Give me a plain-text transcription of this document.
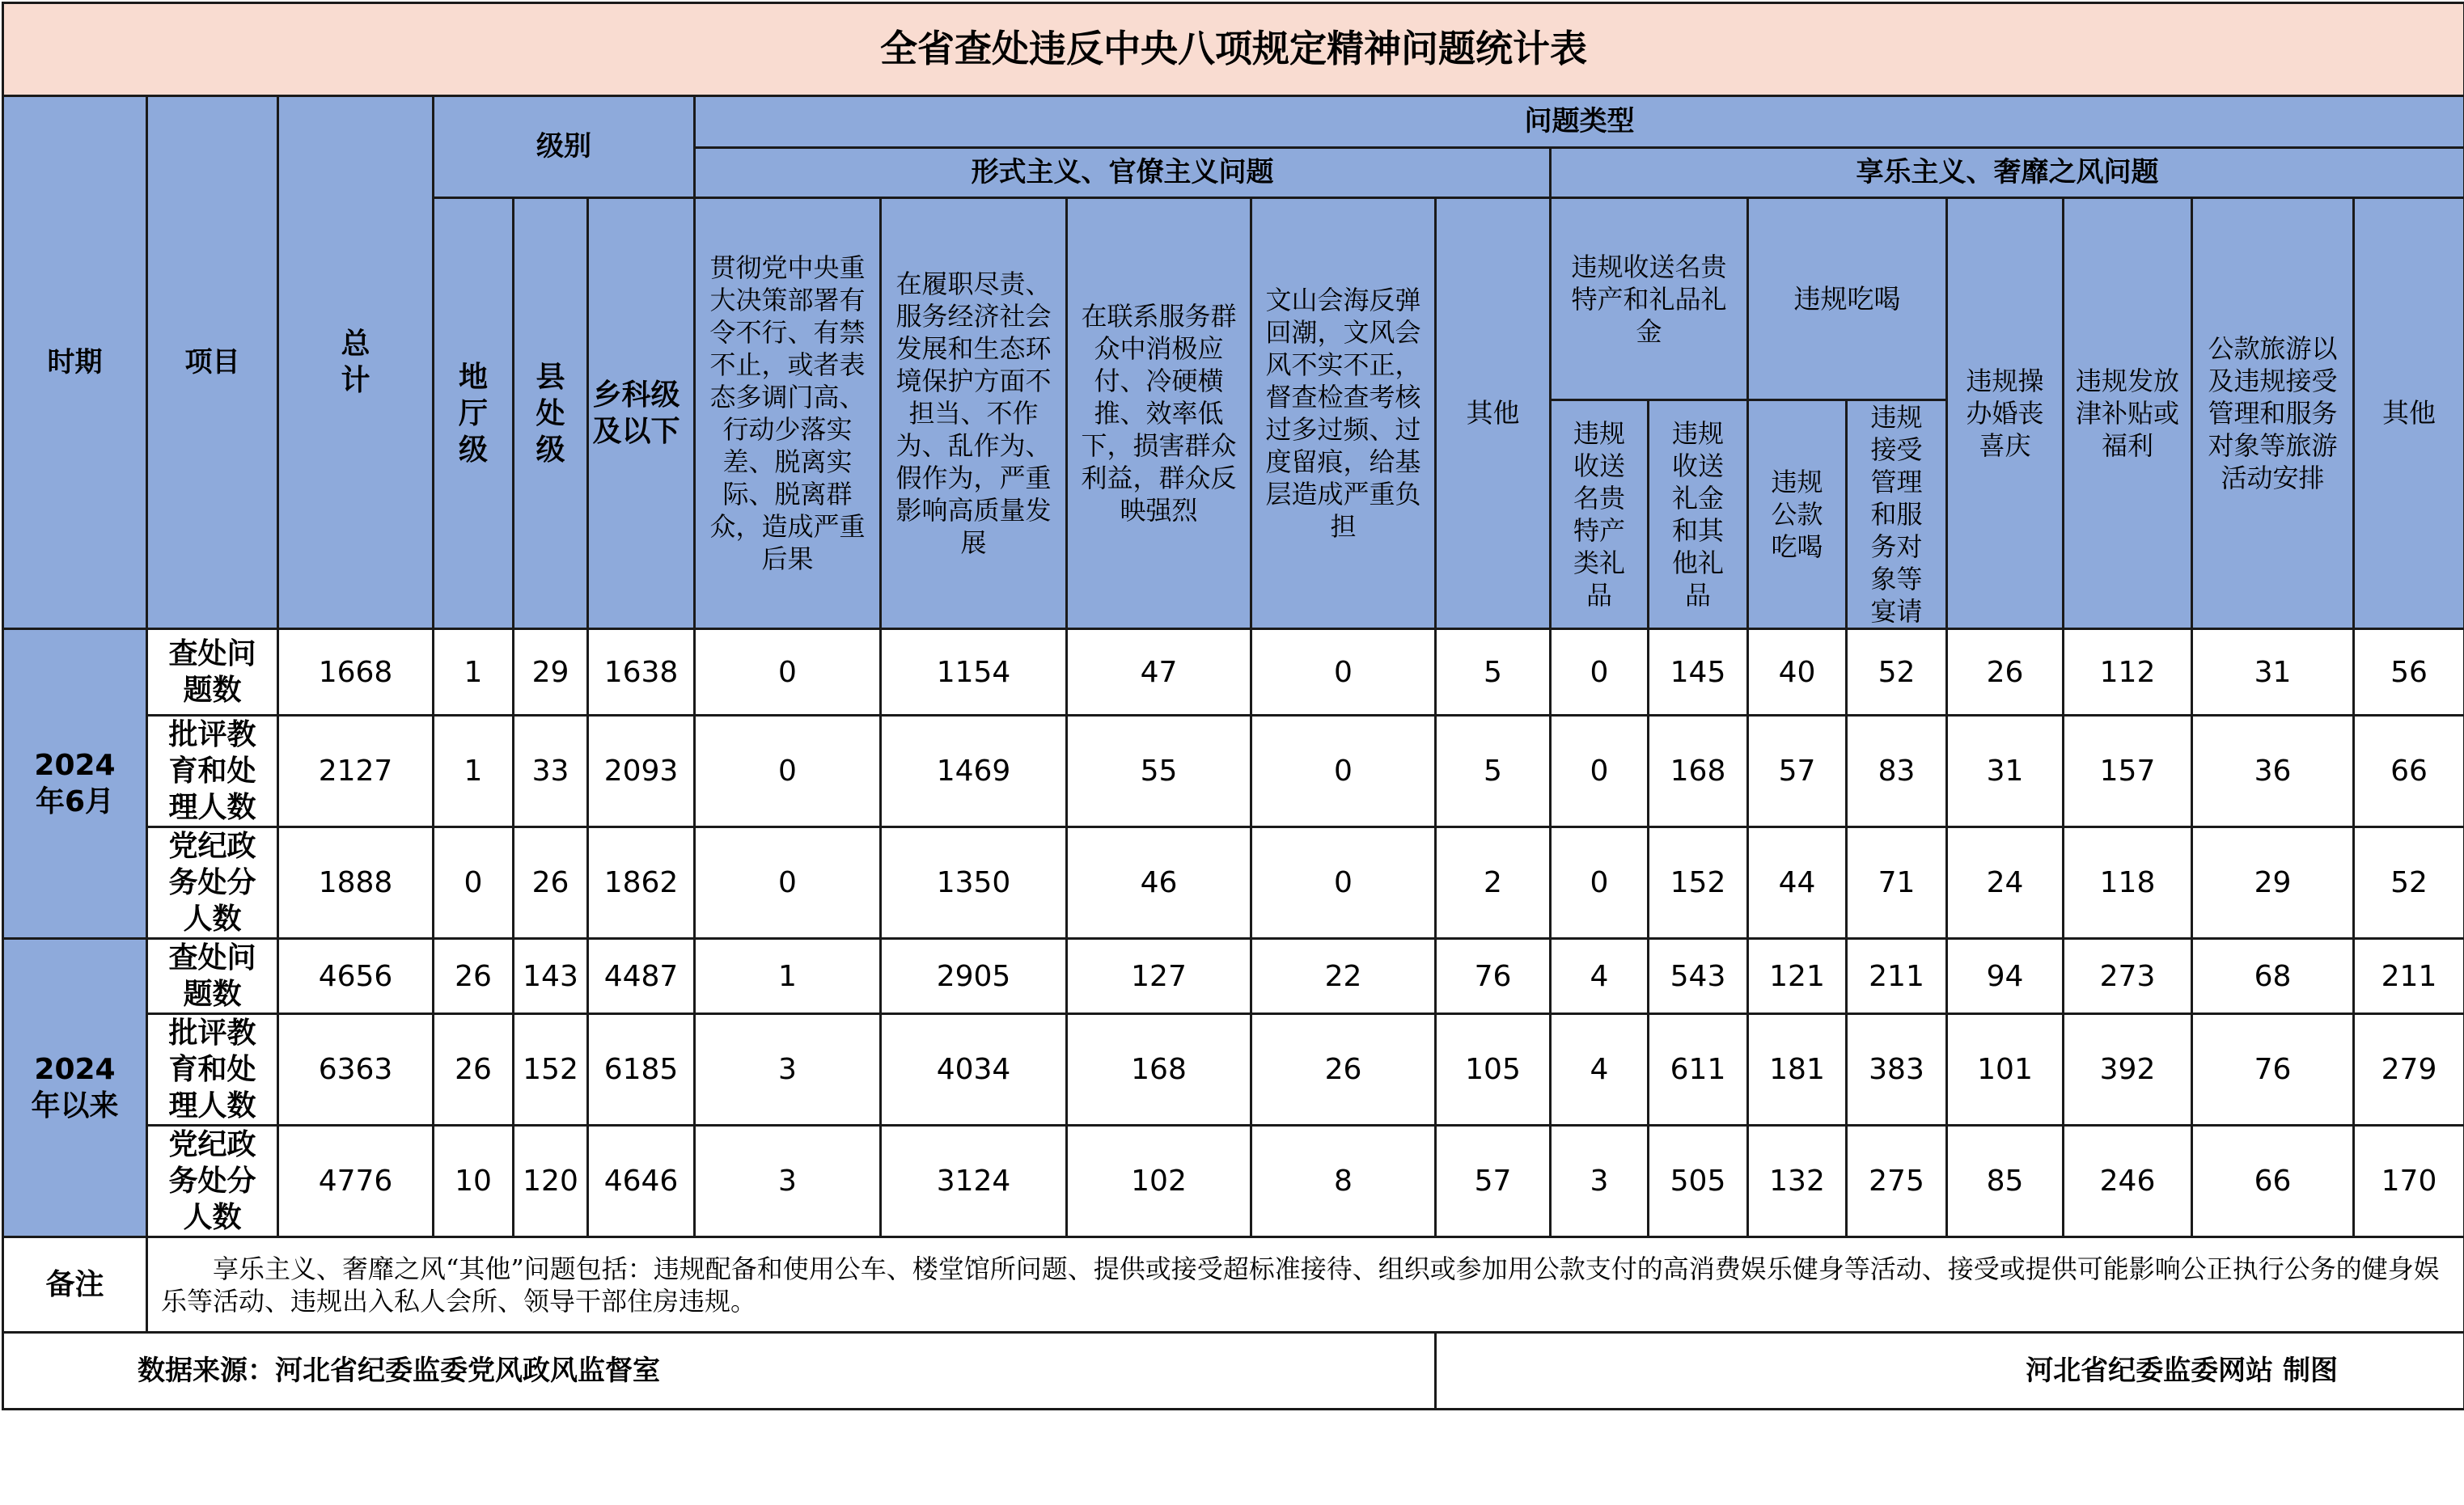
全省查处违反中央八项规定精神问题统计表																		
时期	项目	总计	级别			问题类型												
						形式主义、官僚主义问题					享乐主义、奢靡之风问题							

			地厅级	县处级	乡科级及以下	贯彻党中央重大决策部署有令不行、有禁不止，或者表态多调门高、行动少落实差、脱离实际、脱离群众，造成严重后果	在履职尽责、服务经济社会发展和生态环境保护方面不担当、不作为、乱作为、假作为，严重影响高质量发展	在联系服务群众中消极应付、冷硬横推、效率低下，损害群众利益，群众反映强烈	文山会海反弹回潮，文风会风不实不正，督查检查考核过多过频、过度留痕，给基层造成严重负担	其他	违规收送名贵特产和礼品礼金		违规吃喝		违规操办婚丧喜庆	违规发放津补贴或福利	公款旅游以及违规接受管理和服务对象等旅游活动安排	其他

											违规收送名贵特产类礼品	违规收送礼金和其他礼品	违规公款吃喝	违规接受管理和服务对象等宴请				

2024年6月	查处问题数	1668	1	29	1638	0	1154	47	0	5	0	145	40	52	26	112	31	56

	批评教育和处理人数	2127	1	33	2093	0	1469	55	0	5	0	168	57	83	31	157	36	66

	党纪政务处分人数	1888	0	26	1862	0	1350	46	0	2	0	152	44	71	24	118	29	52

2024年以来	查处问题数	4656	26	143	4487	1	2905	127	22	76	4	543	121	211	94	273	68	211

	批评教育和处理人数	6363	26	152	6185	3	4034	168	26	105	4	611	181	383	101	392	76	279

	党纪政务处分人数	4776	10	120	4646	3	3124	102	8	57	3	505	132	275	85	246	66	170
备注	享乐主义、奢靡之风“其他”问题包括：违规配备和使用公车、楼堂馆所问题、提供或接受超标准接待、组织或参加用公款支付的高消费娱乐健身等活动、接受或提供可能影响公正执行公务的健身娱乐等活动、违规出入私人会所、领导干部住房违规。																	

数据来源：河北省纪委监委党风政风监督室										河北省纪委监委网站 制图								
